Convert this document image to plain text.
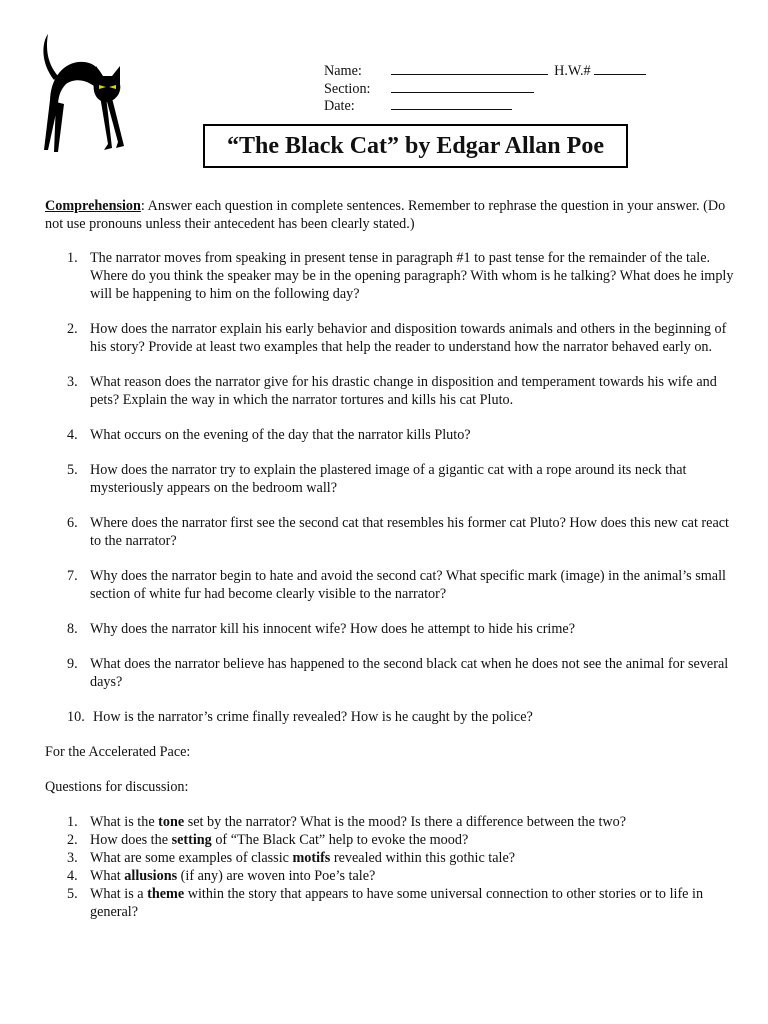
Name:	H.W.#
Section:
Date:
“The Black Cat” by Edgar Allan Poe

Comprehension: Answer each question in complete sentences. Remember to rephrase the question in your answer. (Do not use pronouns unless their antecedent has been clearly stated.)

1. The narrator moves from speaking in present tense in paragraph #1 to past tense for the remainder of the tale. Where do you think the speaker may be in the opening paragraph? With whom is he talking? What does he imply will be happening to him on the following day?
2. How does the narrator explain his early behavior and disposition towards animals and others in the beginning of his story? Provide at least two examples that help the reader to understand how the narrator behaved early on.
3. What reason does the narrator give for his drastic change in disposition and temperament towards his wife and pets? Explain the way in which the narrator tortures and kills his cat Pluto.
4. What occurs on the evening of the day that the narrator kills Pluto?
5. How does the narrator try to explain the plastered image of a gigantic cat with a rope around its neck that mysteriously appears on the bedroom wall?
6. Where does the narrator first see the second cat that resembles his former cat Pluto? How does this new cat react to the narrator?
7. Why does the narrator begin to hate and avoid the second cat? What specific mark (image) in the animal’s small section of white fur had become clearly visible to the narrator?
8. Why does the narrator kill his innocent wife? How does he attempt to hide his crime?
9. What does the narrator believe has happened to the second black cat when he does not see the animal for several days?
10. How is the narrator’s crime finally revealed? How is he caught by the police?

For the Accelerated Pace:

Questions for discussion:

1. What is the tone set by the narrator? What is the mood? Is there a difference between the two?
2. How does the setting of “The Black Cat” help to evoke the mood?
3. What are some examples of classic motifs revealed within this gothic tale?
4. What allusions (if any) are woven into Poe’s tale?
5. What is a theme within the story that appears to have some universal connection to other stories or to life in general?
